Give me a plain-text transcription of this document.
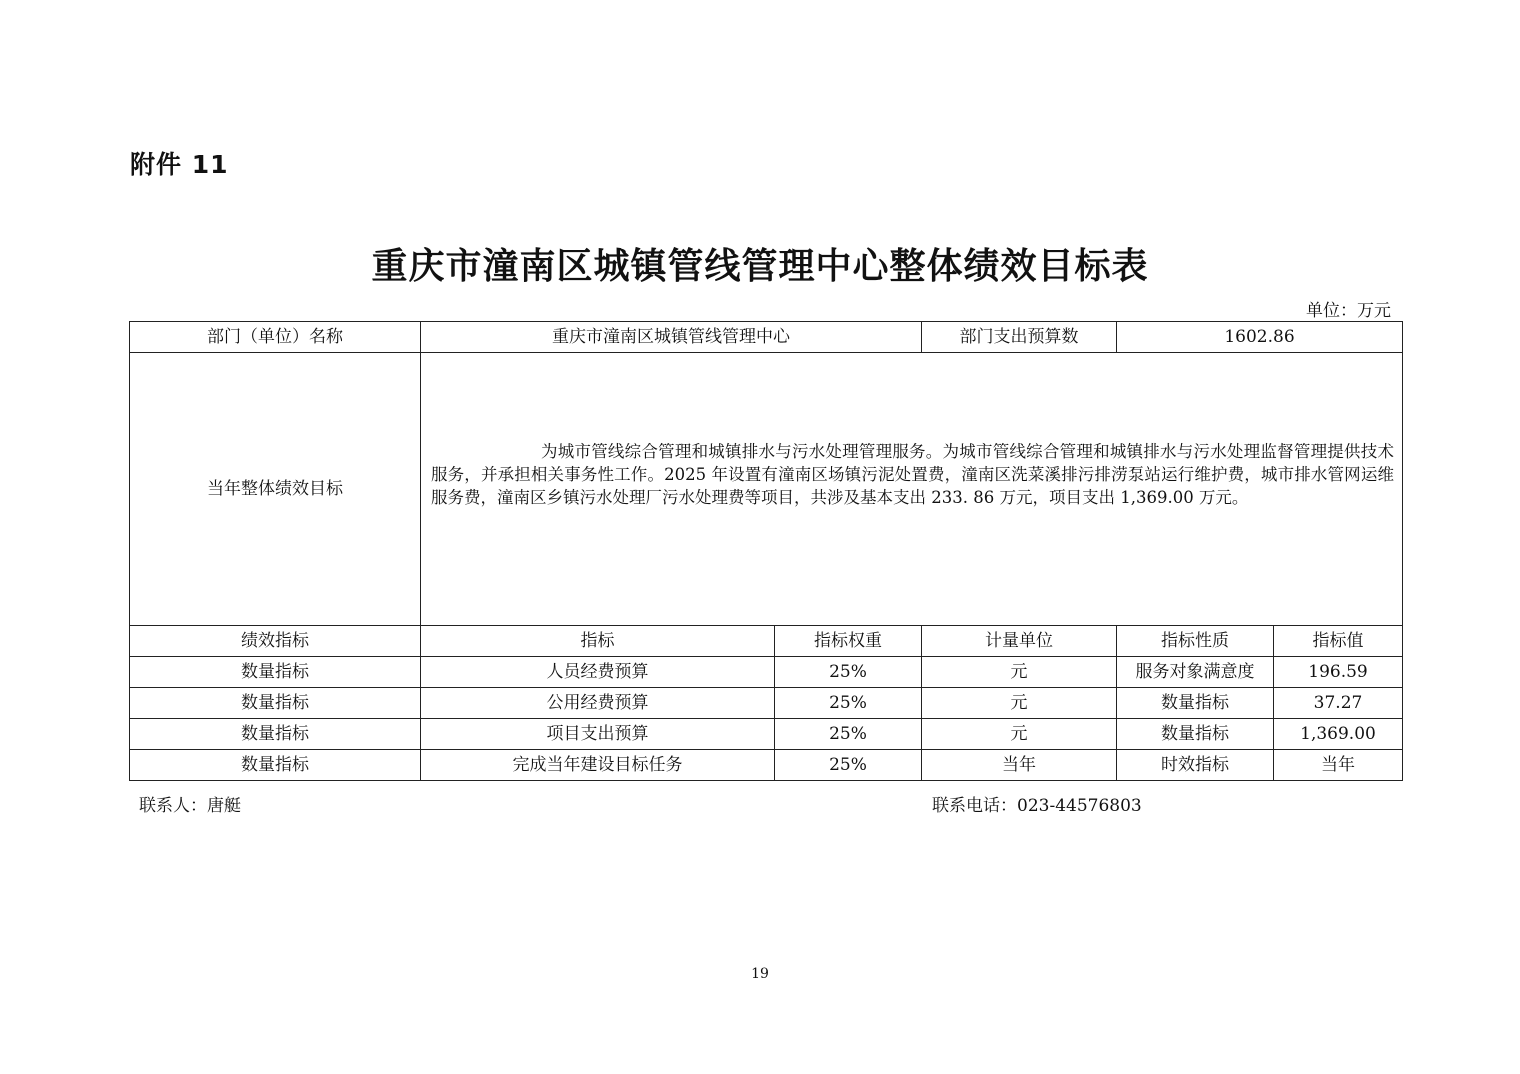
附件 11
重庆市潼南区城镇管线管理中心整体绩效目标表
单位：万元
部门（单位）名称	重庆市潼南区城镇管线管理中心		部门支出预算数	1602.86	
当年整体绩效目标	为城市管线综合管理和城镇排水与污水处理管理服务。为城市管线综合管理和城镇排水与污水处理监督管理提供技术服务，并承担相关事务性工作。2025 年设置有潼南区场镇污泥处置费，潼南区洗菜溪排污排涝泵站运行维护费，城市排水管网运维服务费，潼南区乡镇污水处理厂污水处理费等项目，共涉及基本支出 233. 86 万元，项目支出 1,369.00 万元。				

绩效指标	指标	指标权重	计量单位	指标性质	指标值
数量指标	人员经费预算	25%	元	服务对象满意度	196.59
数量指标	公用经费预算	25%	元	数量指标	37.27
数量指标	项目支出预算	25%	元	数量指标	1,369.00
数量指标	完成当年建设目标任务	25%	当年	时效指标	当年
联系人：唐艇	联系电话：023-44576803
19
